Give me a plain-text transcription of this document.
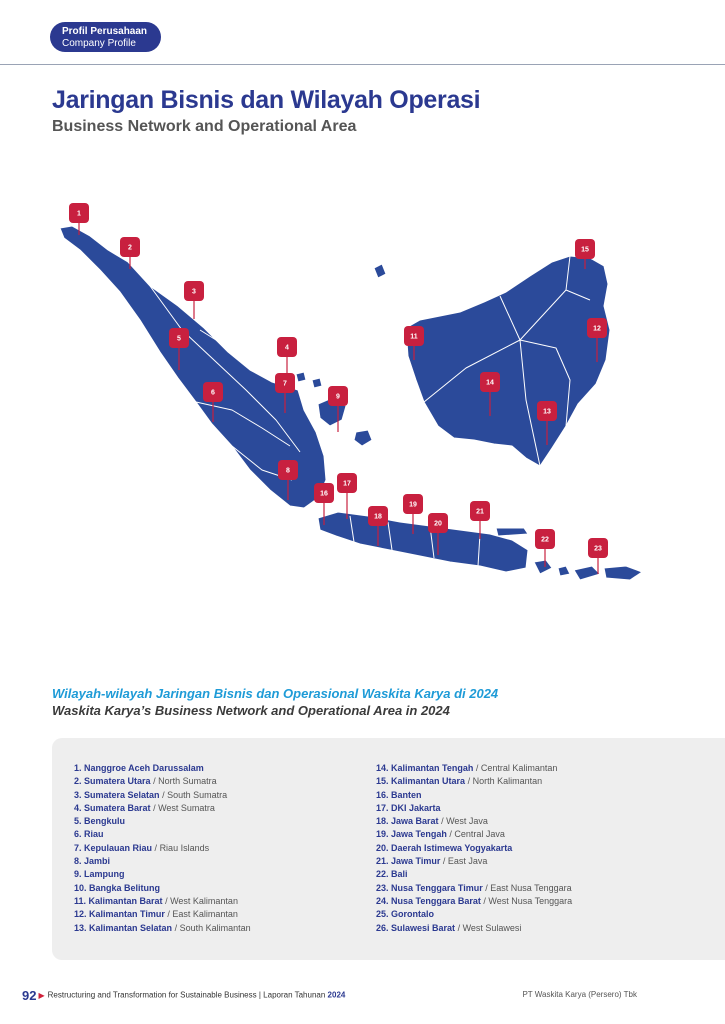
Profil Perusahaan
Company Profile
Jaringan Bisnis dan Wilayah Operasi
Business Network and Operational Area
1
2
3
4
5
6
7
8
9
11
12
13
14
15
16
17
18
19
20
21
22
23
Wilayah-wilayah Jaringan Bisnis dan Operasional Waskita Karya di 2024
Waskita Karya’s Business Network and Operational Area in 2024
1. Nanggroe Aceh Darussalam
2. Sumatera Utara / North Sumatra
3. Sumatera Selatan / South Sumatra
4. Sumatera Barat / West Sumatra
5. Bengkulu
6. Riau
7. Kepulauan Riau / Riau Islands
8. Jambi
9. Lampung
10. Bangka Belitung
11. Kalimantan Barat / West Kalimantan
12. Kalimantan Timur / East Kalimantan
13. Kalimantan Selatan / South Kalimantan
14. Kalimantan Tengah / Central Kalimantan
15. Kalimantan Utara / North Kalimantan
16. Banten
17. DKI Jakarta
18. Jawa Barat / West Java
19. Jawa Tengah / Central Java
20. Daerah Istimewa Yogyakarta
21. Jawa Timur / East Java
22. Bali
23. Nusa Tenggara Timur / East Nusa Tenggara
24. Nusa Tenggara Barat / West Nusa Tenggara
25. Gorontalo
26. Sulawesi Barat / West Sulawesi
92 ▶ Restructuring and Transformation for Sustainable Business | Laporan Tahunan 2024	PT Waskita Karya (Persero) Tbk
